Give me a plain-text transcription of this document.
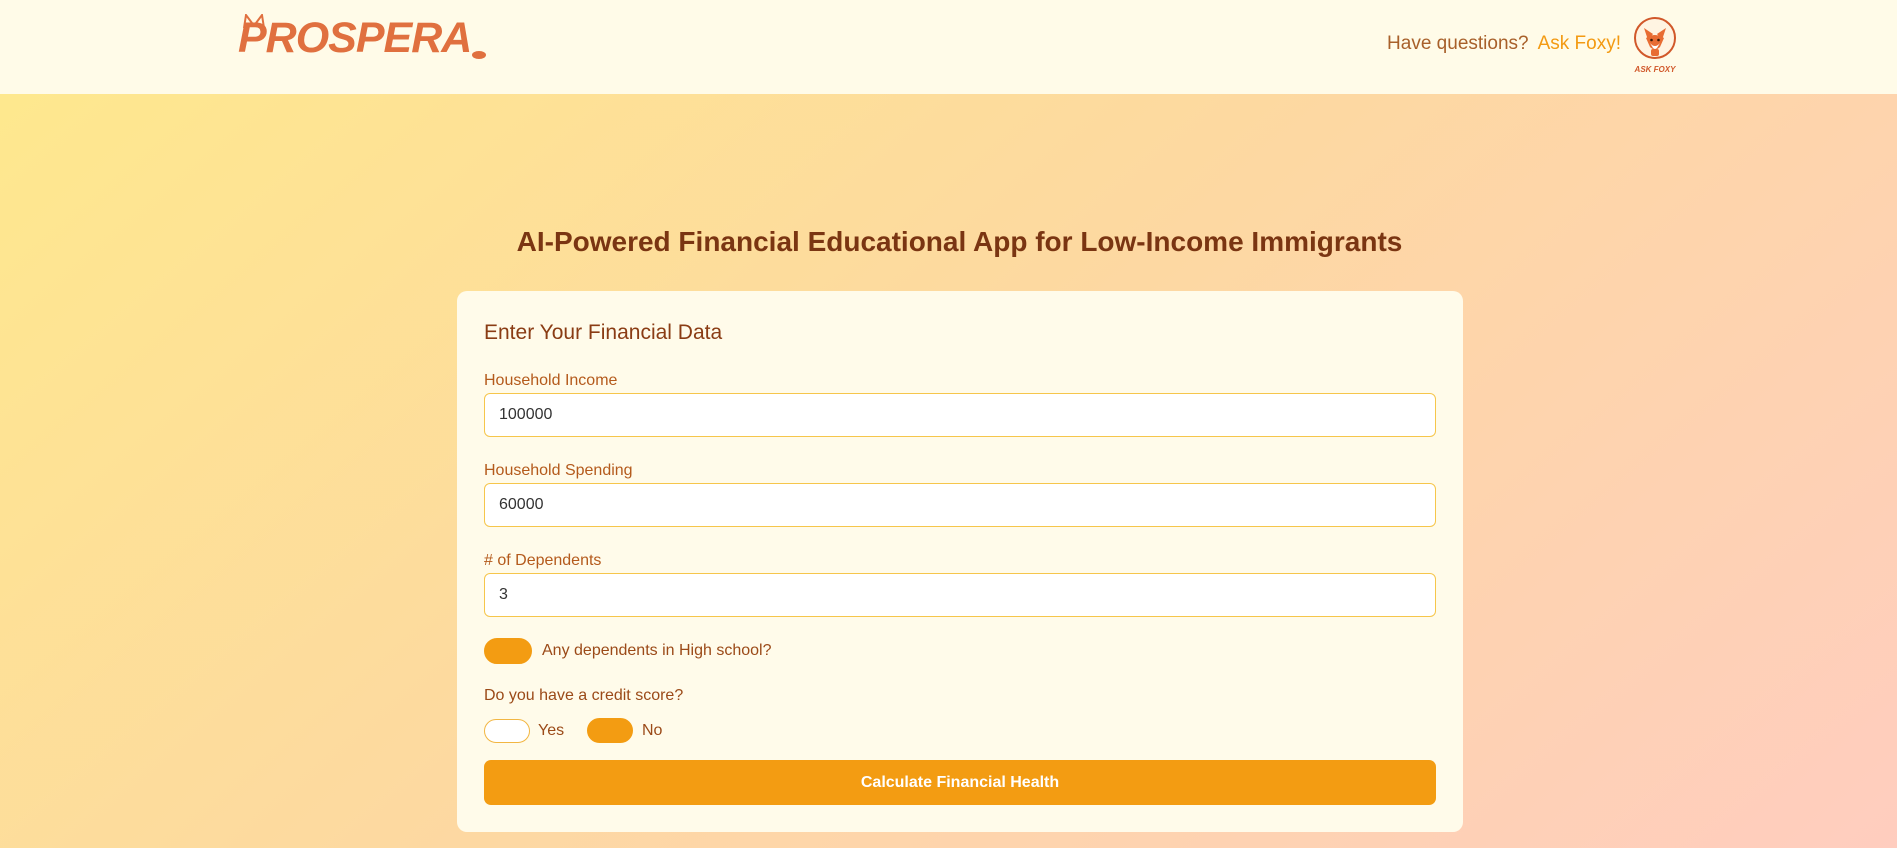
PROSPERA	Have questions? Ask Foxy!
ASK FOXY
AI-Powered Financial Educational App for Low-Income Immigrants
Enter Your Financial Data
Household Income
100000
Household Spending
60000
# of Dependents
3
Any dependents in High school?
Do you have a credit score?
Yes	No
Calculate Financial Health
